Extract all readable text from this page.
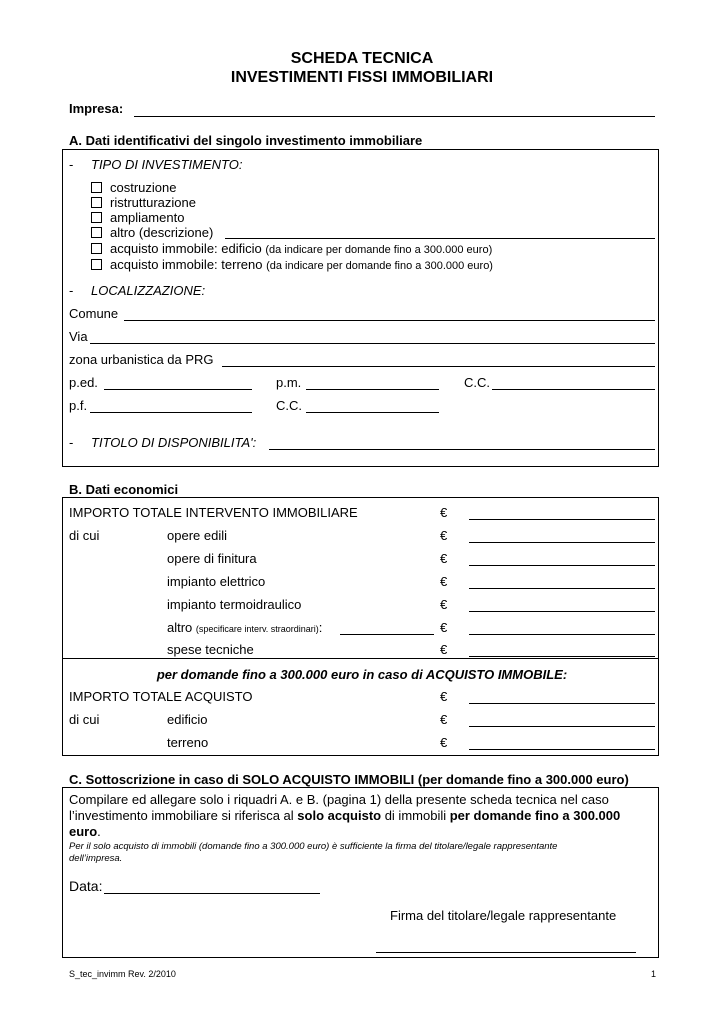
SCHEDA TECNICA
INVESTIMENTI FISSI IMMOBILIARI
Impresa:
A. Dati identificativi del singolo investimento immobiliare
- TIPO DI INVESTIMENTO:
costruzione
ristrutturazione
ampliamento
altro (descrizione)
acquisto immobile: edificio (da indicare per domande fino a 300.000 euro)
acquisto immobile: terreno (da indicare per domande fino a 300.000 euro)
- LOCALIZZAZIONE:
Comune
Via
zona urbanistica da PRG
p.ed.	p.m.	C.C.
p.f.	C.C.
- TITOLO DI DISPONIBILITA':
B. Dati economici
IMPORTO TOTALE INTERVENTO IMMOBILIARE	€
di cui	opere edili	€
opere di finitura	€
impianto elettrico	€
impianto termoidraulico	€
altro (specificare interv. straordinari):	€
spese tecniche	€
per domande fino a 300.000 euro in caso di ACQUISTO IMMOBILE:
IMPORTO TOTALE ACQUISTO	€
di cui	edificio	€
terreno	€
C. Sottoscrizione in caso di SOLO ACQUISTO IMMOBILI (per domande fino a 300.000 euro)
Compilare ed allegare solo i riquadri A. e B. (pagina 1) della presente scheda tecnica nel caso
l’investimento immobiliare si riferisca al solo acquisto di immobili per domande fino a 300.000
euro.
Per il solo acquisto di immobili (domande fino a 300.000 euro) è sufficiente la firma del titolare/legale rappresentante
dell’impresa.
Data:
Firma del titolare/legale rappresentante
S_tec_invimm Rev. 2/2010	1
